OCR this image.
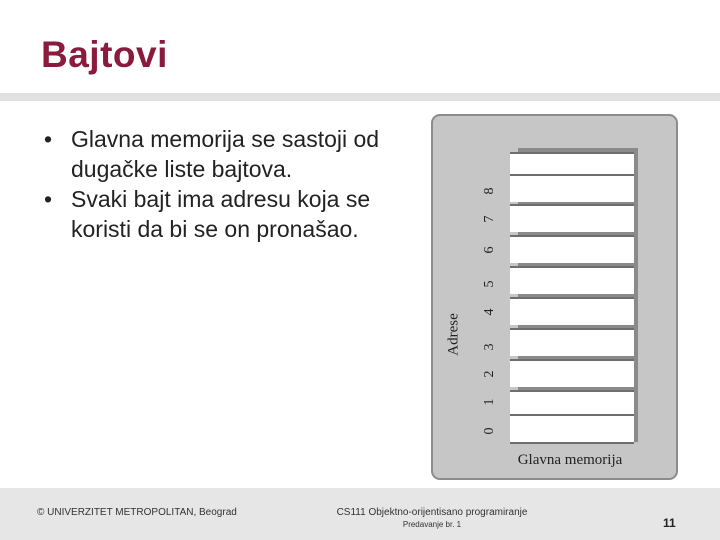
Bajtovi
• Glavna memorija se sastoji od dugačke liste bajtova.
• Svaki bajt ima adresu koja se koristi da bi se on pronašao.
0
1
2
3
4
5
6
7
8
Adrese
Glavna memorija
© UNIVERZITET METROPOLITAN, Beograd	CS111 Objektno-orijentisano programiranje
Predavanje br. 1	11
